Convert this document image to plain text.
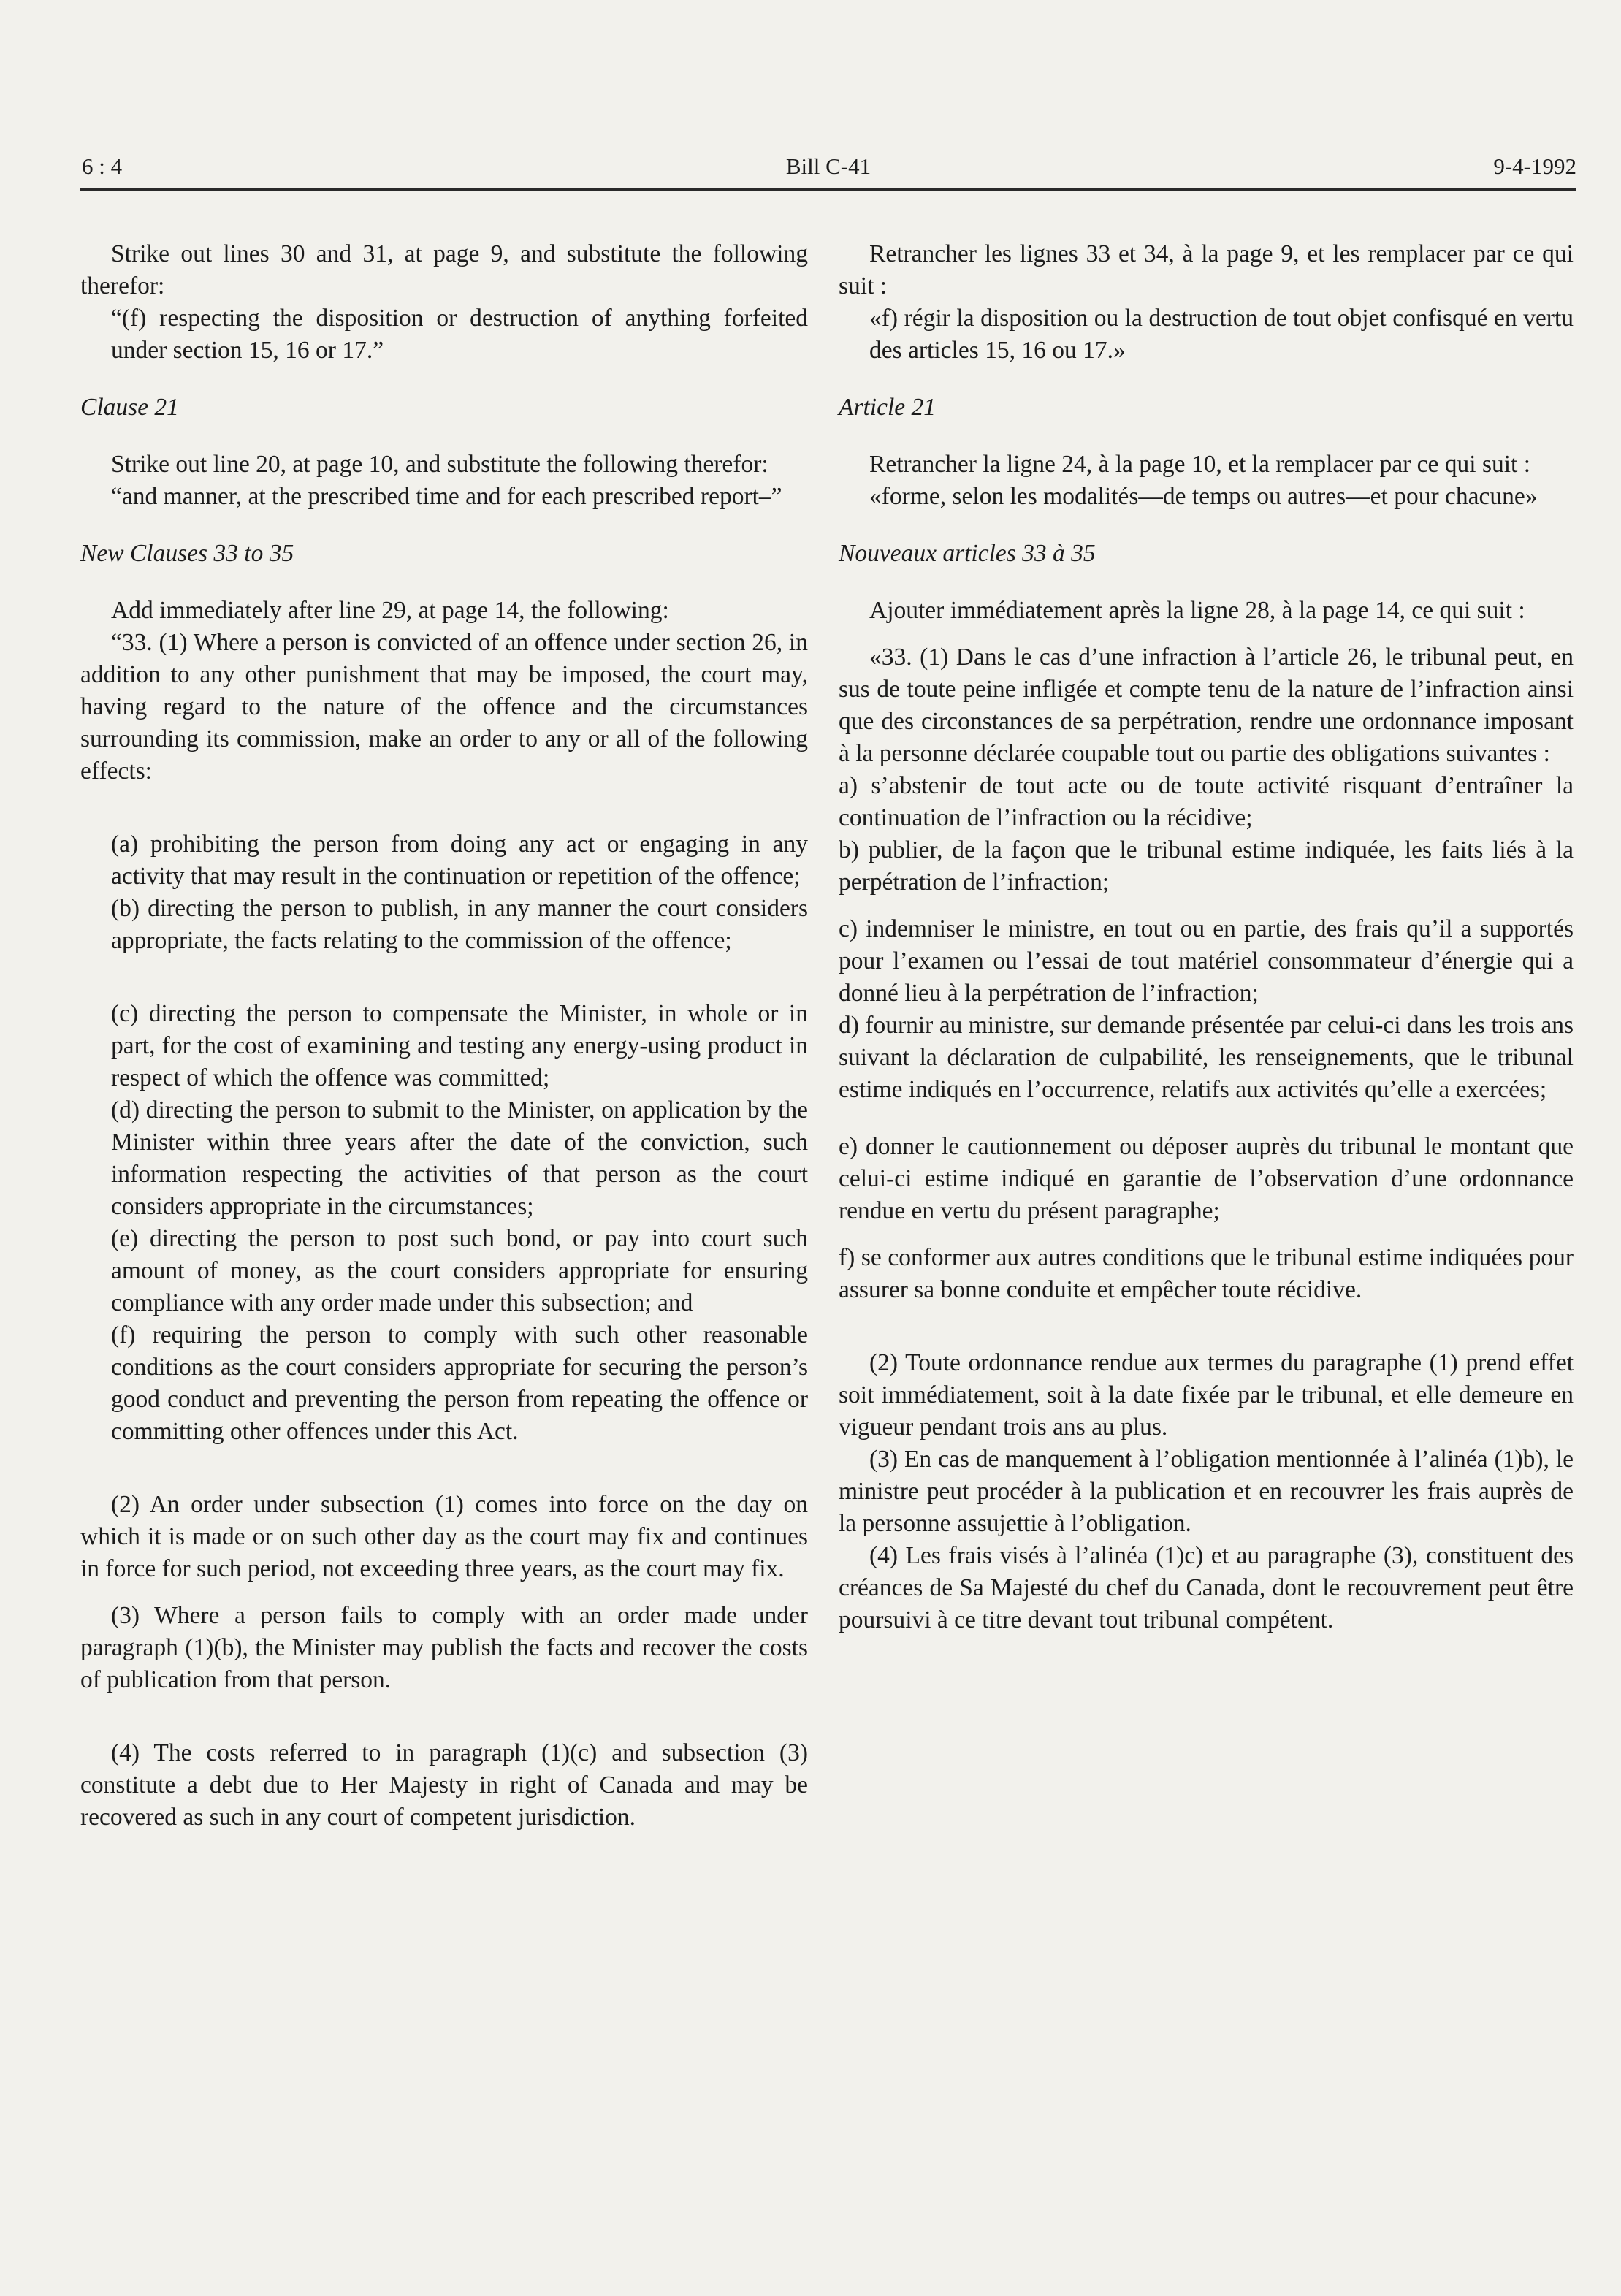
6 : 4	Bill C-41	9-4-1992

Strike out lines 30 and 31, at page 9, and substitute the following therefor:

“(f) respecting the disposition or destruction of anything forfeited under section 15, 16 or 17.”

Clause 21

Strike out line 20, at page 10, and substitute the following therefor:

“and manner, at the prescribed time and for each prescribed report–”

New Clauses 33 to 35

Add immediately after line 29, at page 14, the following:

“33. (1) Where a person is convicted of an offence under section 26, in addition to any other punishment that may be imposed, the court may, having regard to the nature of the offence and the circumstances surrounding its commission, make an order to any or all of the following effects:

(a) prohibiting the person from doing any act or engaging in any activity that may result in the continuation or repetition of the offence;

(b) directing the person to publish, in any manner the court considers appropriate, the facts relating to the commission of the offence;

(c) directing the person to compensate the Minister, in whole or in part, for the cost of examining and testing any energy-using product in respect of which the offence was committed;

(d) directing the person to submit to the Minister, on application by the Minister within three years after the date of the conviction, such information respecting the activities of that person as the court considers appropriate in the circumstances;

(e) directing the person to post such bond, or pay into court such amount of money, as the court considers appropriate for ensuring compliance with any order made under this subsection; and

(f) requiring the person to comply with such other reasonable conditions as the court considers appropriate for securing the person’s good conduct and preventing the person from repeating the offence or committing other offences under this Act.

(2) An order under subsection (1) comes into force on the day on which it is made or on such other day as the court may fix and continues in force for such period, not exceeding three years, as the court may fix.

(3) Where a person fails to comply with an order made under paragraph (1)(b), the Minister may publish the facts and recover the costs of publication from that person.

(4) The costs referred to in paragraph (1)(c) and subsection (3) constitute a debt due to Her Majesty in right of Canada and may be recovered as such in any court of competent jurisdiction.

Retrancher les lignes 33 et 34, à la page 9, et les remplacer par ce qui suit :

«f) régir la disposition ou la destruction de tout objet confisqué en vertu des articles 15, 16 ou 17.»

Article 21

Retrancher la ligne 24, à la page 10, et la remplacer par ce qui suit :

«forme, selon les modalités—de temps ou autres—et pour chacune»

Nouveaux articles 33 à 35

Ajouter immédiatement après la ligne 28, à la page 14, ce qui suit :

«33. (1) Dans le cas d’une infraction à l’article 26, le tribunal peut, en sus de toute peine infligée et compte tenu de la nature de l’infraction ainsi que des circonstances de sa perpétration, rendre une ordonnance imposant à la personne déclarée coupable tout ou partie des obligations suivantes :

a) s’abstenir de tout acte ou de toute activité risquant d’entraîner la continuation de l’infraction ou la récidive;

b) publier, de la façon que le tribunal estime indiquée, les faits liés à la perpétration de l’infraction;

c) indemniser le ministre, en tout ou en partie, des frais qu’il a supportés pour l’examen ou l’essai de tout matériel consommateur d’énergie qui a donné lieu à la perpétration de l’infraction;

d) fournir au ministre, sur demande présentée par celui-ci dans les trois ans suivant la déclaration de culpabilité, les renseignements, que le tribunal estime indiqués en l’occurrence, relatifs aux activités qu’elle a exercées;

e) donner le cautionnement ou déposer auprès du tribunal le montant que celui-ci estime indiqué en garantie de l’observation d’une ordonnance rendue en vertu du présent paragraphe;

f) se conformer aux autres conditions que le tribunal estime indiquées pour assurer sa bonne conduite et empêcher toute récidive.

(2) Toute ordonnance rendue aux termes du paragraphe (1) prend effet soit immédiatement, soit à la date fixée par le tribunal, et elle demeure en vigueur pendant trois ans au plus.

(3) En cas de manquement à l’obligation mentionnée à l’alinéa (1)b), le ministre peut procéder à la publication et en recouvrer les frais auprès de la personne assujettie à l’obligation.

(4) Les frais visés à l’alinéa (1)c) et au paragraphe (3), constituent des créances de Sa Majesté du chef du Canada, dont le recouvrement peut être poursuivi à ce titre devant tout tribunal compétent.
